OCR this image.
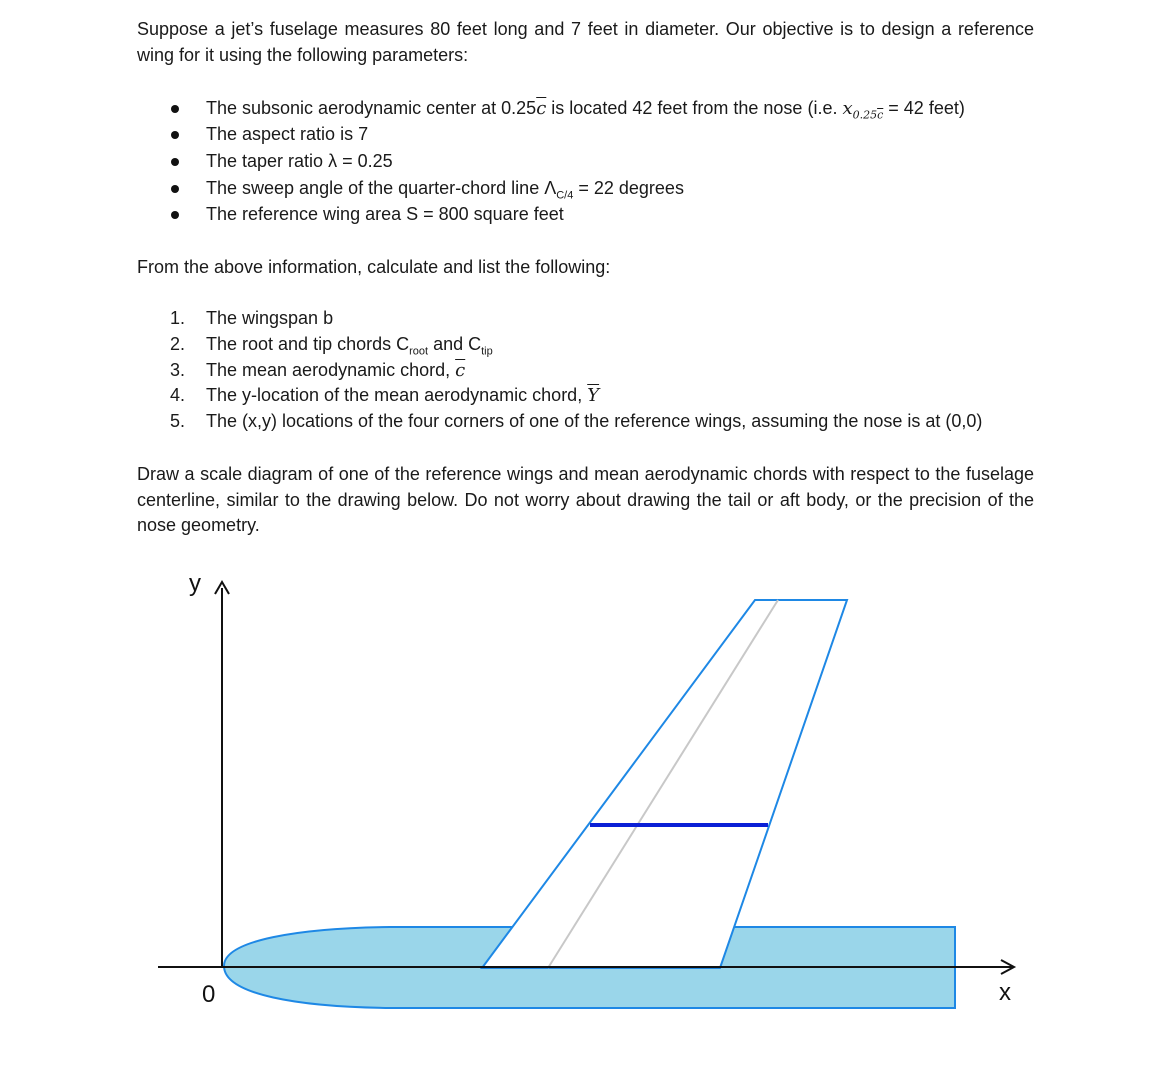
Suppose a jet’s fuselage measures 80 feet long and 7 feet in diameter. Our objective is to design a reference wing for it using the following parameters:

The subsonic aerodynamic center at $0.25\overline{c}$ is located 42 feet from the nose (i.e. $x_{0.25\overline{c}} = 42$ feet)
The aspect ratio is 7
The taper ratio λ = 0.25
The sweep angle of the quarter-chord line $\Lambda_{C/4} = 22$ degrees
The reference wing area S = 800 square feet
From the above information, calculate and list the following:
1. The wingspan b
2. The root and tip chords $C_{root}$ and $C_{tip}$
3. The mean aerodynamic chord, $\overline{c}$
4. The y-location of the mean aerodynamic chord, $\overline{Y}$
5. The (x,y) locations of the four corners of one of the reference wings, assuming the nose is at (0,0)

Draw a scale diagram of one of the reference wings and mean aerodynamic chords with respect to the fuselage centerline, similar to the drawing below. Do not worry about drawing the tail or aft body, or the precision of the nose geometry.

y
0	x
